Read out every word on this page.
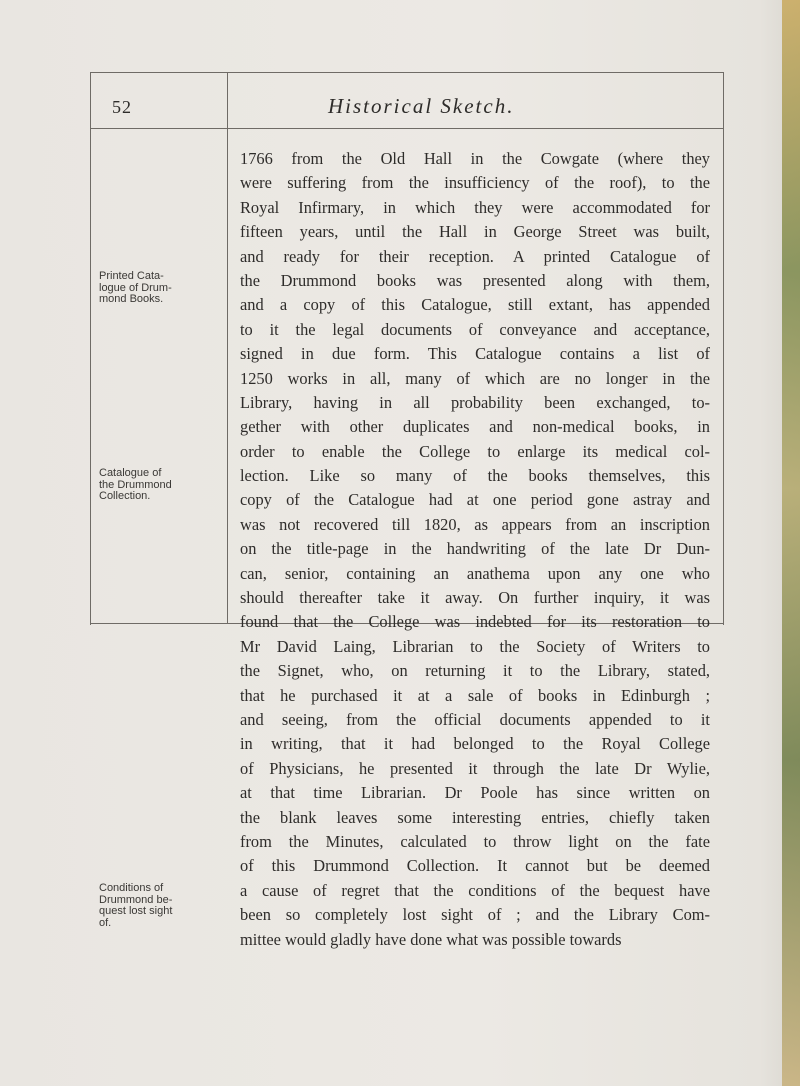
52	Historical Sketch.
Printed Cata-
logue of Drum-
mond Books.
Catalogue of
the Drummond
Collection.
Conditions of
Drummond be-
quest lost sight
of.
1766 from the Old Hall in the Cowgate (where they
were suffering from the insufficiency of the roof), to the
Royal Infirmary, in which they were accommodated for
fifteen years, until the Hall in George Street was built,
and ready for their reception. A printed Catalogue of
the Drummond books was presented along with them,
and a copy of this Catalogue, still extant, has appended
to it the legal documents of conveyance and acceptance,
signed in due form. This Catalogue contains a list of
1250 works in all, many of which are no longer in the
Library, having in all probability been exchanged, to-
gether with other duplicates and non-medical books, in
order to enable the College to enlarge its medical col-
lection. Like so many of the books themselves, this
copy of the Catalogue had at one period gone astray and
was not recovered till 1820, as appears from an inscription
on the title-page in the handwriting of the late Dr Dun-
can, senior, containing an anathema upon any one who
should thereafter take it away. On further inquiry, it was
found that the College was indebted for its restoration to
Mr David Laing, Librarian to the Society of Writers to
the Signet, who, on returning it to the Library, stated,
that he purchased it at a sale of books in Edinburgh ;
and seeing, from the official documents appended to it
in writing, that it had belonged to the Royal College
of Physicians, he presented it through the late Dr Wylie,
at that time Librarian. Dr Poole has since written on
the blank leaves some interesting entries, chiefly taken
from the Minutes, calculated to throw light on the fate
of this Drummond Collection. It cannot but be deemed
a cause of regret that the conditions of the bequest have
been so completely lost sight of ; and the Library Com-
mittee would gladly have done what was possible towards
